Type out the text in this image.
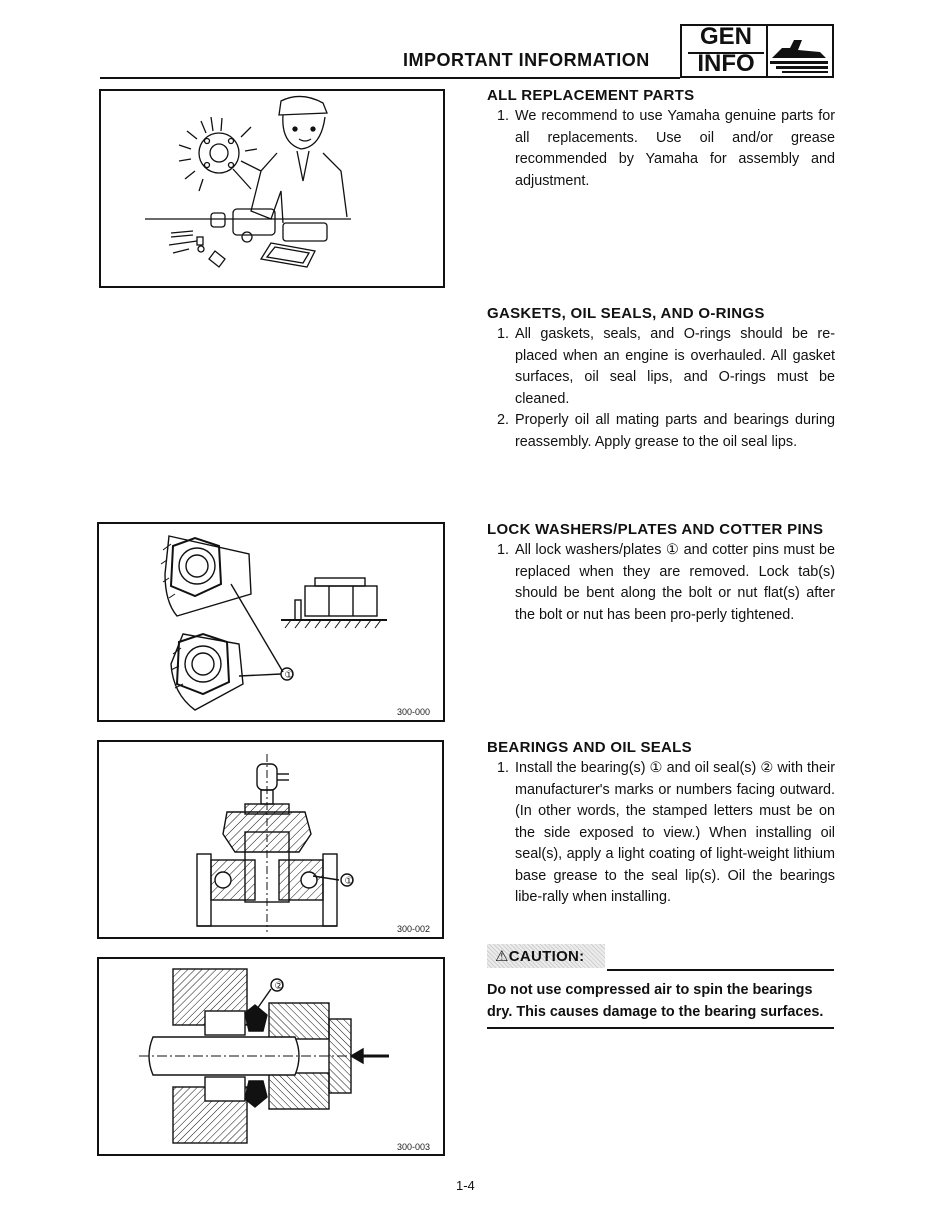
IMPORTANT INFORMATION
GEN
INFO
①
300-000
①
300-002
②
300-003
ALL REPLACEMENT PARTS
1. We recommend to use Yamaha genuine parts for all replacements. Use oil and/or grease recommended by Yamaha for assembly and adjustment.
GASKETS, OIL SEALS, AND O-RINGS
1. All gaskets, seals, and O-rings should be re-placed when an engine is overhauled. All gasket surfaces, oil seal lips, and O-rings must be cleaned.
2. Properly oil all mating parts and bearings during reassembly. Apply grease to the oil seal lips.
LOCK WASHERS/PLATES AND COTTER PINS
1. All lock washers/plates ① and cotter pins must be replaced when they are removed. Lock tab(s) should be bent along the bolt or nut flat(s) after the bolt or nut has been pro-perly tightened.
BEARINGS AND OIL SEALS
1. Install the bearing(s) ① and oil seal(s) ② with their manufacturer's marks or numbers facing outward. (In other words, the stamped letters must be on the side exposed to view.) When installing oil seal(s), apply a light coating of light-weight lithium base grease to the seal lip(s). Oil the bearings libe-rally when installing.
⚠CAUTION:
Do not use compressed air to spin the bearings dry. This causes damage to the bearing surfaces.
1-4
